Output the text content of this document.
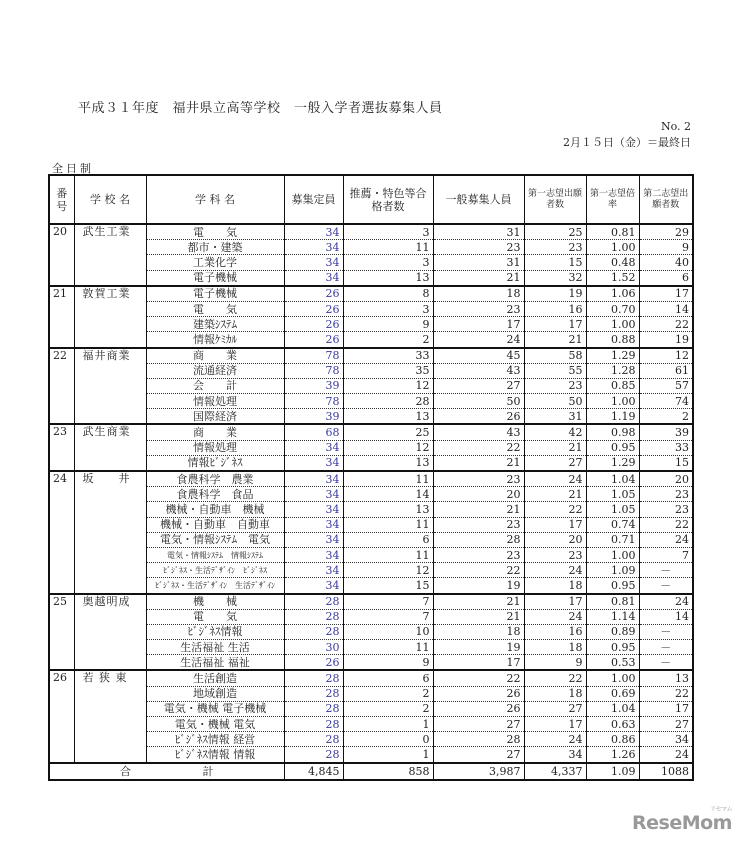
平成３１年度　福井県立高等学校　一般入学者選抜募集人員
No. 2
2月１５日（金）＝最終日
全日制
番号	学 校 名	学 科 名	募集定員	推薦・特色等合格者数	一般募集人員	第一志望出願者数	第一志望倍　率	第二志望出願者数
20	武生工業	電　　気	34	3	31	25	0.81	29
		都市・建築	34	11	23	23	1.00	9
		工業化学	34	3	31	15	0.48	40
		電子機械	34	13	21	32	1.52	6
21	敦賀工業	電子機械	26	8	18	19	1.06	17
		電　　気	26	3	23	16	0.70	14
		建築ｼｽﾃﾑ	26	9	17	17	1.00	22
		情報ｹﾐｶﾙ	26	2	24	21	0.88	19
22	福井商業	商　　業	78	33	45	58	1.29	12
		流通経済	78	35	43	55	1.28	61
		会　　計	39	12	27	23	0.85	57
		情報処理	78	28	50	50	1.00	74
		国際経済	39	13	26	31	1.19	2
23	武生商業	商　　業	68	25	43	42	0.98	39
		情報処理	34	12	22	21	0.95	33
		情報ﾋﾞｼﾞﾈｽ	34	13	21	27	1.29	15
24	坂　　井	食農科学　農業	34	11	23	24	1.04	20
		食農科学　食品	34	14	20	21	1.05	23
		機械・自動車　機械	34	13	21	22	1.05	23
		機械・自動車　自動車	34	11	23	17	0.74	22
		電気・情報ｼｽﾃﾑ　電気	34	6	28	20	0.71	24
		電気・情報ｼｽﾃﾑ　情報ｼｽﾃﾑ	34	11	23	23	1.00	7
		ﾋﾞｼﾞﾈｽ・生活ﾃﾞｻﾞｲﾝ　ﾋﾞｼﾞﾈｽ	34	12	22	24	1.09	－
		ﾋﾞｼﾞﾈｽ・生活ﾃﾞｻﾞｲﾝ　生活ﾃﾞｻﾞｲﾝ	34	15	19	18	0.95	－
25	奥越明成	機　　械	28	7	21	17	0.81	24
		電　　気	28	7	21	24	1.14	14
		ﾋﾞｼﾞﾈｽ情報	28	10	18	16	0.89	－
		生活福祉 生活	30	11	19	18	0.95	－
		生活福祉 福祉	26	9	17	9	0.53	－
26	若 狭 東	生活創造	28	6	22	22	1.00	13
		地域創造	28	2	26	18	0.69	22
		電気・機械 電子機械	28	2	26	27	1.04	17
		電気・機械 電気	28	1	27	17	0.63	27
		ﾋﾞｼﾞﾈｽ情報 経営	28	0	28	24	0.86	34
		ﾋﾞｼﾞﾈｽ情報 情報	28	1	27	34	1.26	24
合 計			4,845	858	3,987	4,337	1.09	1088
ReseMom
リセマム
